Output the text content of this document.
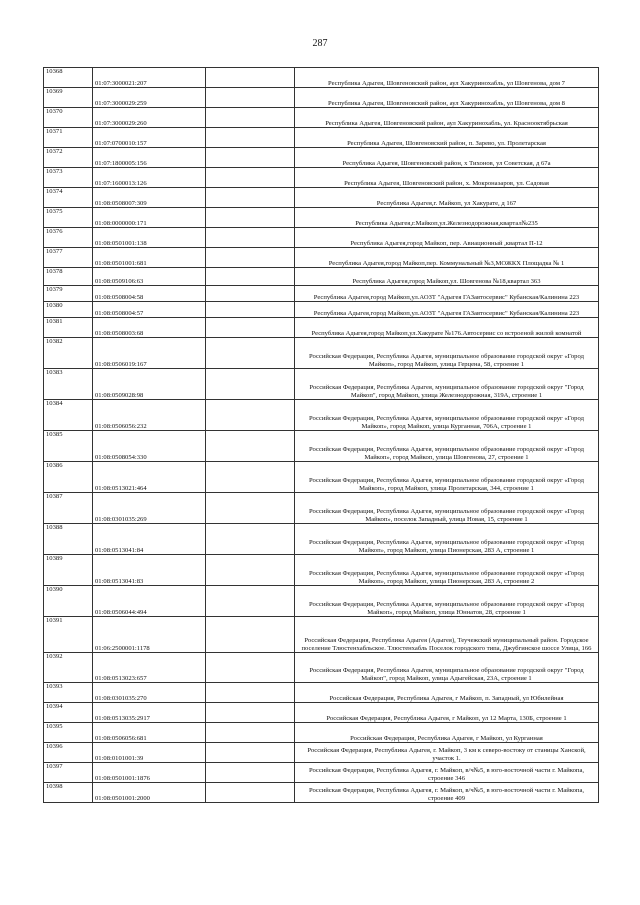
287
10368	01:07:3000021:207		Республика Адыгея, Шовгеновский район, аул Хакуринохабль, ул Шовгенова, дом 7
10369	01:07:3000029:259		Республика Адыгея, Шовгеновский район, аул Хакуринохабль, ул Шовгенова, дом 8
10370	01:07:3000029:260		Республика Адыгея, Шовгеновский район, аул Хакуринохабль, ул. Краснооктябрьская
10371	01:07:0700010:157		Республика Адыгея, Шовгеновский район, п. Зарево, ул. Пролетарская
10372	01:07:1800005:156		Республика Адыгея, Шовгеновский район, х Тихонов, ул Советская, д 67а
10373	01:07:1600013:126		Республика Адыгея, Шовгеновский район, х. Мокронаэаров, ул. Садовая
10374	01:08:0508007:309		Республика Адыгея,г. Майкоп, ул Хакурате, д 167
10375	01:08:0000000:171		Республика Адыгея,г.Майкоп,ул.Железнодорожная,квартал№235
10376	01:08:0501001:138		Республика Адыгея,город Майкоп, пер. Авиационный ,квартал П-12
10377	01:08:0501001:681		Республика Адыгея,город Майкоп,пер. Коммунальный №3,МОЖКХ Площадка № 1
10378	01:08:0509106:63		Республика Адыгея,город Майкоп,ул. Шовгенова №18,квартал 363
10379	01:08:0508004:58		Республика Адыгея,город Майкоп,ул.АОЗТ "Адыгея ГАЗавтосервис" Кубанская/Калинина 223
10380	01:08:0508004:57		Республика Адыгея,город Майкоп,ул.АОЗТ "Адыгея ГАЗавтосервис" Кубанская/Калинина 223
10381	01:08:0508003:68		Республика Адыгея,город Майкоп,ул.Хакурате №176.Автосервис со встроеной жилой комнатой
10382	01:08:0506019:167		Российская Федерация, Республика Адыгея, муниципальное образование городской округ «Город Майкоп», город Майкоп, улица Герцена, 58, строение 1
10383	01:08:0509028:98		Российская Федерация, Республика Адыгея, муниципальное образование городской округ "Город Майкоп", город Майкоп, улица Железнодорожная, 319А, строение 1
10384	01:08:0506056:232		Российская Федерация, Республика Адыгея, муниципальное образование городской округ «Город Майкоп», город Майкоп, улица Курганная, 706А, строение 1
10385	01:08:0508054:330		Российская Федерация, Республика Адыгея, муниципальное образование городской округ «Город Майкоп», город Майкоп, улица Шовгенова, 27, строение 1
10386	01:08:0513021:464		Российская Федерация, Республика Адыгея, муниципальное образование городской округ «Город Майкоп», город Майкоп, улица Пролетарская, 344, строение 1
10387	01:08:0301035:269		Российская Федерация, Республика Адыгея, муниципальное образование городской округ «Город Майкоп», поселок Западный, улица Новая, 15, строение 1
10388	01:08:0513041:84		Российская Федерация, Республика Адыгея, муниципальное образование городской округ «Город Майкоп», город Майкоп, улица Пионерская, 283 А, строение 1
10389	01:08:0513041:83		Российская Федерация, Республика Адыгея, муниципальное образование городской округ «Город Майкоп», город Майкоп, улица Пионерская, 283 А, строение 2
10390	01:08:0506044:494		Российская Федерация, Республика Адыгея, муниципальное образование городской округ «Город Майкоп», город Майкоп, улица Юннатов, 28, строение 1
10391	01:06:2500001:1178		Российская Федерация, Республика Адыгея (Адыгея), Теучежский муниципальный район. Городское поселение Тлюстенхабльское. Тлюстенхабль Поселок городского типа, Джубгинское шоссе Улица, 166
10392	01:08:0513023:657		Российская Федерация, Республика Адыгея, муниципальное образование городской округ "Город Майкоп", город Майкоп, улица Адыгейская, 23А, строение 1
10393	01:08:0301035:270		Российская Федерация, Республика Адыгея, г Майкоп, п. Западный, ул Юбилейная
10394	01:08:0513035:2917		Российская Федерация, Республика Адыгея, г Майкоп, ул 12 Марта, 130Б, строение 1
10395	01:08:0506056:681		Российская Федерация, Республика Адыгея, г Майкоп, ул Курганная
10396	01:08:0101001:39		Российская Федерация, Республика Адыгея, г. Майкоп, 3 км к северо-востоку от станицы Ханской, участок 1.
10397	01:08:0501001:1876		Российская Федерация, Республика Адыгея, г. Майкоп, в/ч№5, в юго-восточной части г. Майкопа, строение 346
10398	01:08:0501001:2000		Российская Федерация, Республика Адыгея, г. Майкоп, в/ч№5, в юго-восточной части г. Майкопа, строение 409
